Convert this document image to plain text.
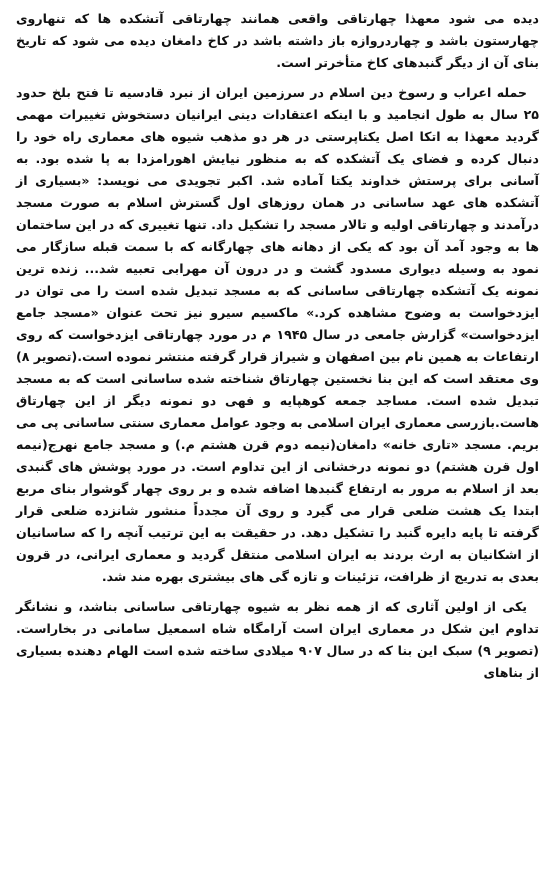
دیده می شود معهذا چهارتاقی واقعی همانند چهارتاقی آتشکده ها که تنهاروی چهارستون باشد و چهاردروازه باز داشته باشد در کاخ دامغان دیده می شود که تاریخ بنای آن از دیگر گنبدهای کاخ متأخرتر است.

حمله اعراب و رسوخ دین اسلام در سرزمین ایران از نبرد قادسیه تا فتح بلخ حدود ۲۵ سال به طول انجامید و با اینکه اعتقادات دینی ایرانیان دستخوش تغییرات مهمی گردید معهذا به اتکا اصل یکتاپرستی در هر دو مذهب شیوه های معماری راه خود را دنبال کرده و فضای یک آتشکده که به منظور نیایش اهورامزدا به پا شده بود. به آسانی برای پرستش خداوند یکتا آماده شد. اکبر تجویدی می نویسد: «بسیاری از آتشکده های عهد ساسانی در همان روزهای اول گسترش اسلام به صورت مسجد درآمدند و چهارتاقی اولیه و تالار مسجد را تشکیل داد. تنها تغییری که در این ساختمان ها به وجود آمد آن بود که یکی از دهانه های چهارگانه که با سمت قبله سازگار می نمود به وسیله دیواری مسدود گشت و در درون آن مهرابی تعبیه شد... زنده ترین نمونه یک آتشکده چهارتاقی ساسانی که به مسجد تبدیل شده است را می توان در ایزدخواست به وضوح مشاهده کرد.» ماکسیم سیرو نیز تحت عنوان «مسجد جامع ایزدخواست» گزارش جامعی در سال ۱۹۴۵ م در مورد چهارتاقی ایزدخواست که روی ارتفاعات به همین نام بین اصفهان و شیراز قرار گرفته منتشر نموده است.(تصویر ۸) وی معتقد است که این بنا نخستین چهارتاق شناخته شده ساسانی است که به مسجد تبدیل شده است. مساجد جمعه کوهپایه و فهی دو نمونه دیگر از این چهارتاق هاست.بازرسی معماری ایران اسلامی به وجود عوامل معماری سنتی ساسانی پی می بریم. مسجد «تاری خانه» دامغان(نیمه دوم قرن هشتم م.) و مسجد جامع نهرج(نیمه اول قرن هشتم) دو نمونه درخشانی از این تداوم است. در مورد پوشش های گنبدی بعد از اسلام به مرور به ارتفاع گنبدها اضافه شده و بر روی چهار گوشوار بنای مربع ابتدا یک هشت ضلعی قرار می گیرد و روی آن مجدداً منشور شانزده ضلعی قرار گرفته تا پایه دایره گنبد را تشکیل دهد. در حقیقت به این ترتیب آنچه را که ساسانیان از اشکانیان به ارث بردند به ایران اسلامی منتقل گردید و معماری ایرانی، در قرون بعدی به تدریج از ظرافت، تزئینات و تازه گی های بیشتری بهره مند شد.

یکی از اولین آثاری که از همه نظر به شیوه چهارتاقی ساسانی بناشد، و نشانگر تداوم این شکل در معماری ایران است آرامگاه شاه اسمعیل سامانی در بخاراست. (تصویر ۹) سبک این بنا که در سال ۹۰۷ میلادی ساخته شده است الهام دهنده بسیاری از بناهای
